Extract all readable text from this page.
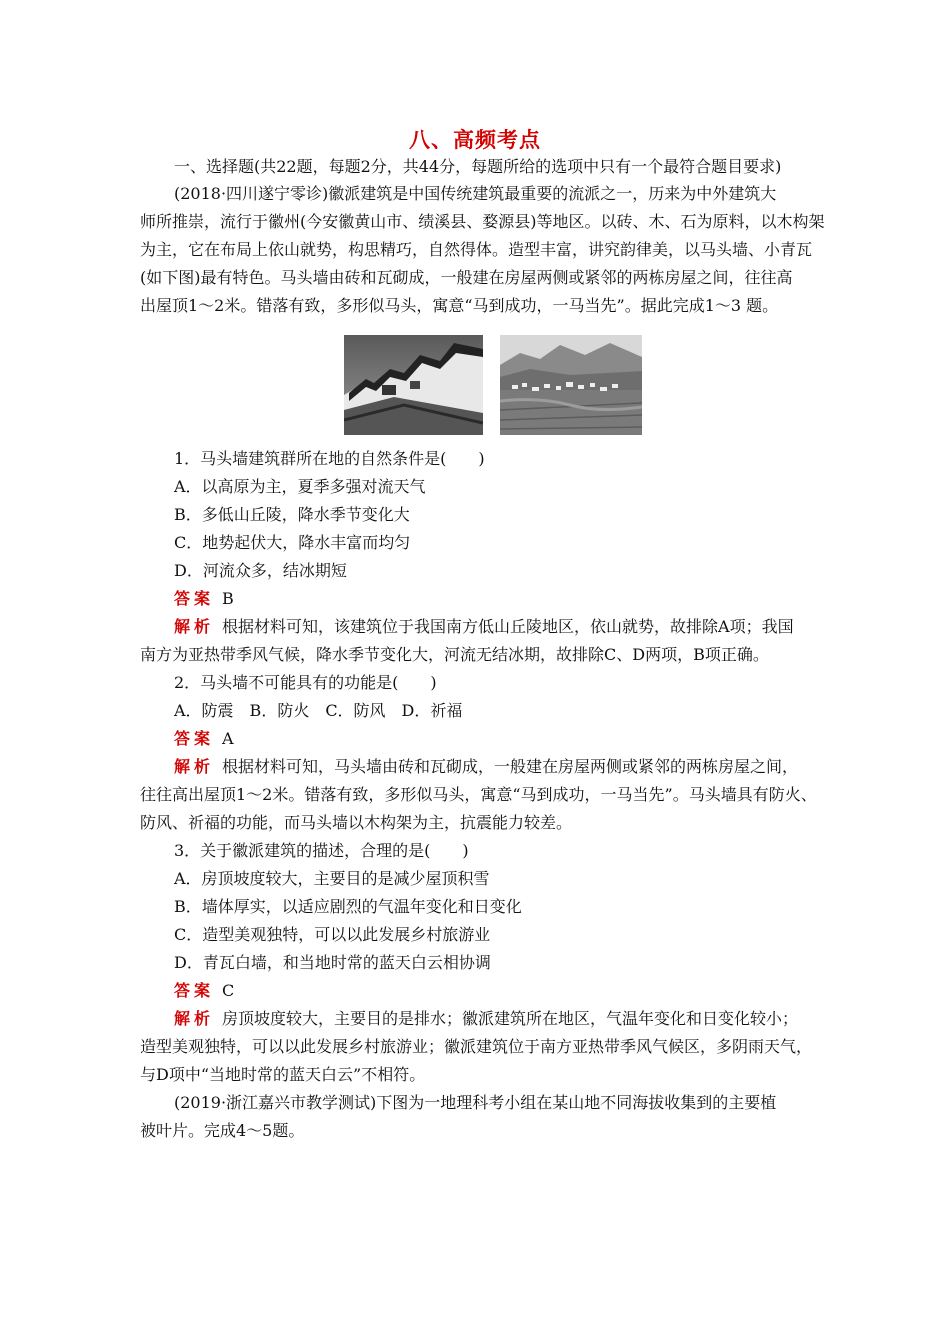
八、高频考点
一、选择题(共22题，每题2分，共44分，每题所给的选项中只有一个最符合题目要求)
(2018·四川遂宁零诊)徽派建筑是中国传统建筑最重要的流派之一，历来为中外建筑大
师所推崇，流行于徽州(今安徽黄山市、绩溪县、婺源县)等地区。以砖、木、石为原料，以木构架
为主，它在布局上依山就势，构思精巧，自然得体。造型丰富，讲究韵律美，以马头墙、小青瓦
(如下图)最有特色。马头墙由砖和瓦砌成，一般建在房屋两侧或紧邻的两栋房屋之间，往往高
出屋顶1～2米。错落有致，多形似马头，寓意“马到成功，一马当先”。据此完成1～3 题。
1．马头墙建筑群所在地的自然条件是(　　)
A．以高原为主，夏季多强对流天气
B．多低山丘陵，降水季节变化大
C．地势起伏大，降水丰富而均匀
D．河流众多，结冰期短
答案 B
解析 根据材料可知，该建筑位于我国南方低山丘陵地区，依山就势，故排除A项；我国
南方为亚热带季风气候，降水季节变化大，河流无结冰期，故排除C、D两项，B项正确。
2．马头墙不可能具有的功能是(　　)
A．防震　B．防火　C．防风　D．祈福
答案 A
解析 根据材料可知，马头墙由砖和瓦砌成，一般建在房屋两侧或紧邻的两栋房屋之间，
往往高出屋顶1～2米。错落有致，多形似马头，寓意“马到成功，一马当先”。马头墙具有防火、
防风、祈福的功能，而马头墙以木构架为主，抗震能力较差。
3．关于徽派建筑的描述，合理的是(　　)
A．房顶坡度较大，主要目的是减少屋顶积雪
B．墙体厚实，以适应剧烈的气温年变化和日变化
C．造型美观独特，可以以此发展乡村旅游业
D．青瓦白墙，和当地时常的蓝天白云相协调
答案 C
解析 房顶坡度较大，主要目的是排水；徽派建筑所在地区，气温年变化和日变化较小；
造型美观独特，可以以此发展乡村旅游业；徽派建筑位于南方亚热带季风气候区，多阴雨天气，
与D项中“当地时常的蓝天白云”不相符。
(2019·浙江嘉兴市教学测试)下图为一地理科考小组在某山地不同海拔收集到的主要植
被叶片。完成4～5题。
